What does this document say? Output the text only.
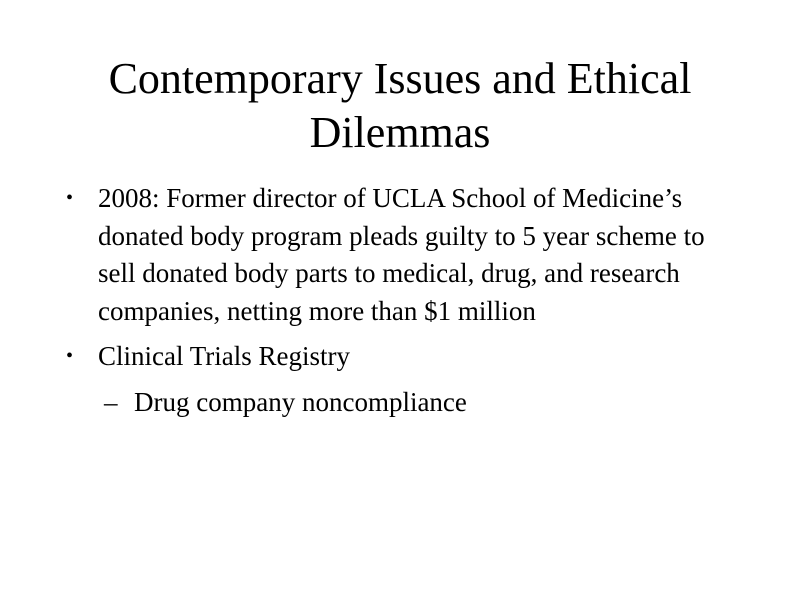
Contemporary Issues and Ethical
Dilemmas
• 2008: Former director of UCLA School of Medicine’s donated body program pleads guilty to 5 year scheme to sell donated body parts to medical, drug, and research companies, netting more than $1 million
• Clinical Trials Registry
– Drug company noncompliance
